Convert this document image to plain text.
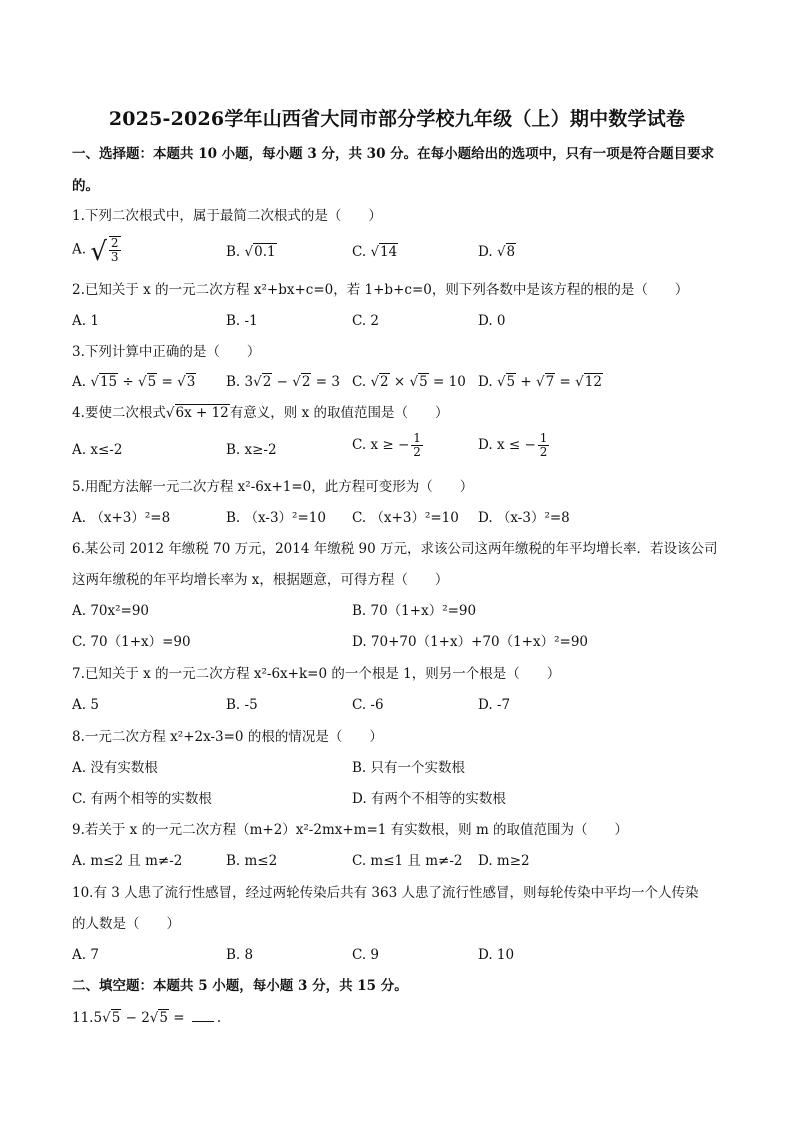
2025-2026学年山西省大同市部分学校九年级（上）期中数学试卷
一、选择题：本题共 10 小题，每小题 3 分，共 30 分。在每小题给出的选项中，只有一项是符合题目要求
的。
1.下列二次根式中，属于最简二次根式的是（　　）
A. √ $\frac{2}{3}$	B. √0.1	C. √14	D. √8
2.已知关于 x 的一元二次方程 x²+bx+c=0，若 1+b+c=0，则下列各数中是该方程的根的是（　　）
A. 1	B. -1	C. 2	D. 0
3.下列计算中正确的是（　　）
A. √15 ÷ √5 = √3 B. 3√2 − √2 = 3 C. √2 × √5 = 10 D. √5 + √7 = √12
4.要使二次根式√6x + 12有意义，则 x 的取值范围是（　　）
A. x≤-2	B. x≥-2	C. x ≥ − $\frac{1}{2}$	D. x ≤ − $\frac{1}{2}$
5.用配方法解一元二次方程 x²-6x+1=0，此方程可变形为（　　）
A. （x+3）²=8	B. （x-3）²=10 C. （x+3）²=10 D. （x-3）²=8
6.某公司 2012 年缴税 70 万元，2014 年缴税 90 万元，求该公司这两年缴税的年平均增长率．若设该公司
这两年缴税的年平均增长率为 x，根据题意，可得方程（　　）
A. 70x²=90	B. 70（1+x）²=90
C. 70（1+x）=90	D. 70+70（1+x）+70（1+x）²=90
7.已知关于 x 的一元二次方程 x²-6x+k=0 的一个根是 1，则另一个根是（　　）
A. 5	B. -5	C. -6	D. -7
8.一元二次方程 x²+2x-3=0 的根的情况是（　　）
A. 没有实数根	B. 只有一个实数根
C. 有两个相等的实数根	D. 有两个不相等的实数根
9.若关于 x 的一元二次方程（m+2）x²-2mx+m=1 有实数根，则 m 的取值范围为（　　）
A. m≤2 且 m≠-2	B. m≤2	C. m≤1 且 m≠-2 D. m≥2
10.有 3 人患了流行性感冒，经过两轮传染后共有 363 人患了流行性感冒，则每轮传染中平均一个人传染
的人数是（　　）
A. 7	B. 8	C. 9	D. 10
二、填空题：本题共 5 小题，每小题 3 分，共 15 分。
11.5√5 − 2√5 = .
